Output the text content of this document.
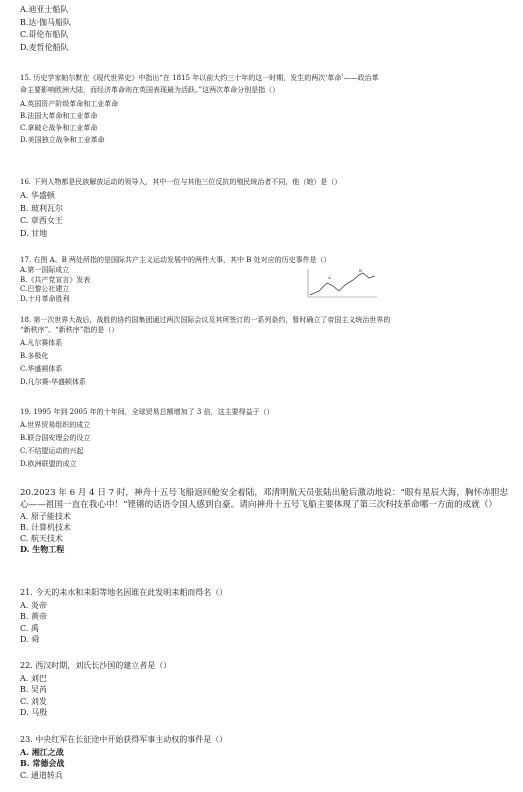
A.迪亚士船队
B.达·伽马船队
C.哥伦布船队
D.麦哲伦船队
15. 历史学家帕尔默在《现代世界史》中指出“在 1815 年以前大约三十年的这一时期，发生的两次‘革命’——政治革
命主要影响欧洲大陆，而经济革命则在英国表现最为活跃。”这两次革命分别是指（）
A.英国资产阶级革命和工业革命
B.法国大革命和工业革命
C.拿破仑战争和工业革命
D.美国独立战争和工业革命
16. 下列人物都是民族解放运动的领导人，其中一位与其他三位反抗的殖民统治者不同，他（她）是（）
A. 华盛顿
B. 玻利瓦尔
C. 章西女王
D. 甘地
17. 右图 A、B 两处所指的是国际共产主义运动发展中的两件大事，其中 B 处对应的历史事件是（）
A.第一国际成立
B.《共产党宣言》发表
C.巴黎公社建立
D.十月革命胜利
A
B
18. 第一次世界大战后，战胜的协约国集团通过两次国际会议及其所签订的一系列条约，暂时确立了帝国主义统治世界的
“新秩序”。“新秩序”指的是（）
A.凡尔赛体系
B.多极化
C.华盛顿体系
D.凡尔赛-华盛顿体系
19. 1995 年到 2005 年的十年间，全球贸易总额增加了 3 倍，这主要得益于（）
A.世界贸易组织的成立
B.联合国安理会的设立
C.不结盟运动的兴起
D.欧洲联盟的成立
20.2023 年 6 月 4 日 7 时，神舟十五号飞船返回舱安全着陆，邓清明航天员张陆出舱后激动地说：“眼有星辰大海，胸怀赤胆忠心——祖国一直在我心中！”铿锵的话语令国人感到自豪。请向神舟十五号飞船主要体现了第三次科技革命哪一方面的成就（）
A. 原子能技术
B. 计算机技术
C. 航天技术
D. 生物工程
21. 今天的耒水和耒阳等地名因谁在此发明耒耜而得名（）
A. 炎帝
B. 黄帝
C. 禹
D. 舜
22. 西汉时期，刘氏长沙国的建立者是（）
A. 刘巴
B. 吴芮
C. 刘发
D. 马殷
23. 中央红军在长征途中开始获得军事主动权的事件是（）
A. 湘江之战
B. 常德会战
C. 通道转兵
